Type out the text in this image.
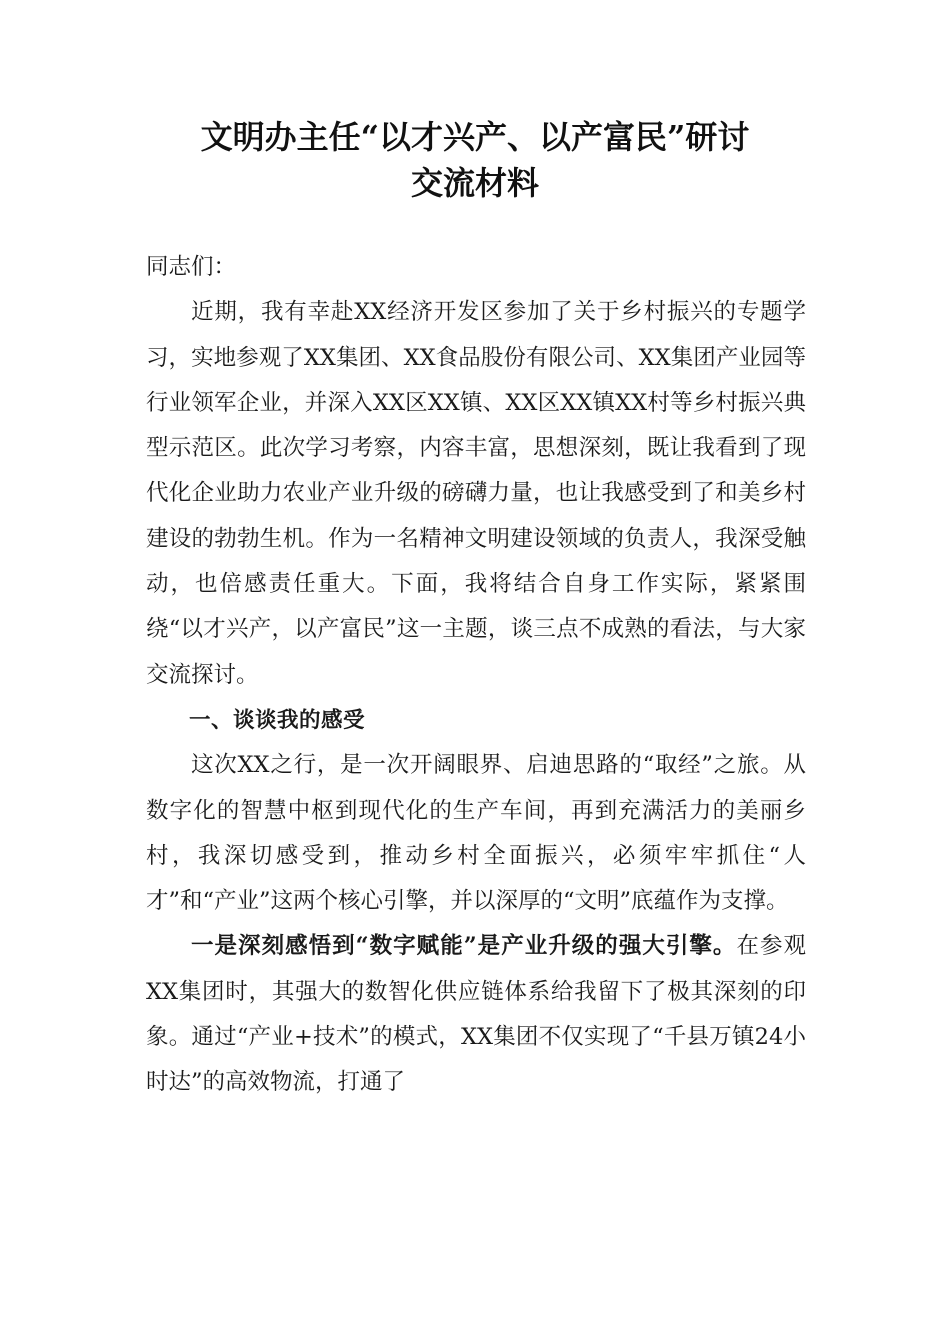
文明办主任“以才兴产、以产富民”研讨
交流材料

同志们：

近期，我有幸赴XX经济开发区参加了关于乡村振兴的专题学习，实地参观了XX集团、XX食品股份有限公司、XX集团产业园等行业领军企业，并深入XX区XX镇、XX区XX镇XX村等乡村振兴典型示范区。此次学习考察，内容丰富，思想深刻，既让我看到了现代化企业助力农业产业升级的磅礴力量，也让我感受到了和美乡村建设的勃勃生机。作为一名精神文明建设领域的负责人，我深受触动，也倍感责任重大。下面，我将结合自身工作实际，紧紧围绕“以才兴产，以产富民”这一主题，谈三点不成熟的看法，与大家交流探讨。

一、谈谈我的感受

这次XX之行，是一次开阔眼界、启迪思路的“取经”之旅。从数字化的智慧中枢到现代化的生产车间，再到充满活力的美丽乡村，我深切感受到，推动乡村全面振兴，必须牢牢抓住“人才”和“产业”这两个核心引擎，并以深厚的“文明”底蕴作为支撑。

一是深刻感悟到“数字赋能”是产业升级的强大引擎。在参观XX集团时，其强大的数智化供应链体系给我留下了极其深刻的印象。通过“产业+技术”的模式，XX集团不仅实现了“千县万镇24小时达”的高效物流，打通了
